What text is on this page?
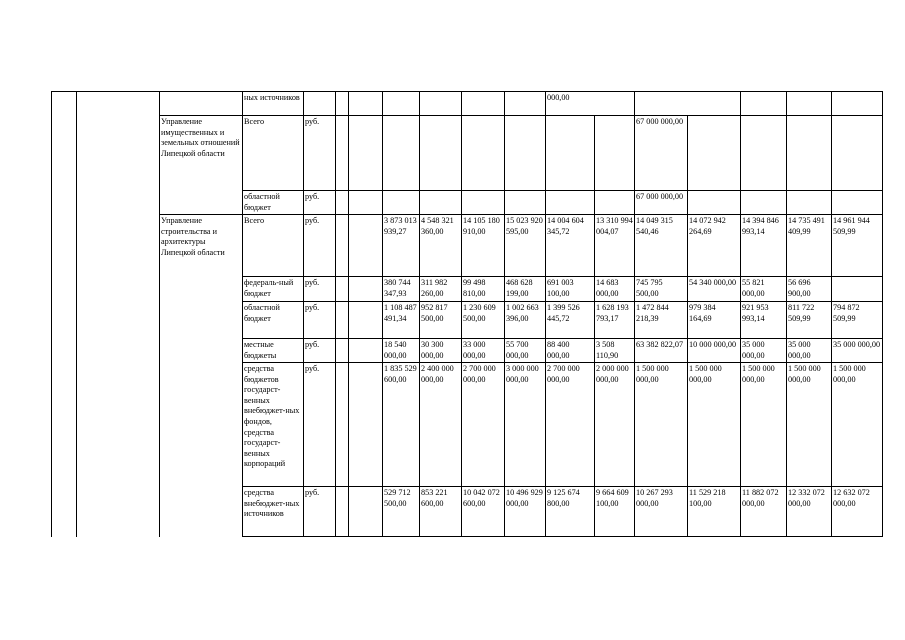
			ных источников								000,00							
		Управление имущественных и земельных отношений Липецкой области	Всего	руб.									67 000 000,00					
			областной бюджет	руб.									67 000 000,00					
		Управление строительства и архитектуры Липецкой области	Всего	руб.			3 873 013 939,27	4 548 321 360,00	14 105 180 910,00	15 023 920 595,00	14 004 604 345,72	13 310 994 004,07	14 049 315 540,46	14 072 942 264,69	14 394 846 993,14	14 735 491 409,99	14 961 944 509,99	
			федераль-ный бюджет	руб.			380 744 347,93	311 982 260,00	99 498 810,00	468 628 199,00	691 003 100,00	14 683 000,00	745 795 500,00	54 340 000,00	55 821 000,00	56 696 900,00		
			областной бюджет	руб.			1 108 487 491,34	952 817 500,00	1 230 609 500,00	1 002 663 396,00	1 399 526 445,72	1 628 193 793,17	1 472 844 218,39	979 384 164,69	921 953 993,14	811 722 509,99	794 872 509,99	
			местные бюджеты	руб.			18 540 000,00	30 300 000,00	33 000 000,00	55 700 000,00	88 400 000,00	3 508 110,90	63 382 822,07	10 000 000,00	35 000 000,00	35 000 000,00	35 000 000,00	
			средства бюджетов государст-венных внебюджет-ных фондов, средства государст-венных корпораций	руб.			1 835 529 600,00	2 400 000 000,00	2 700 000 000,00	3 000 000 000,00	2 700 000 000,00	2 000 000 000,00	1 500 000 000,00	1 500 000 000,00	1 500 000 000,00	1 500 000 000,00	1 500 000 000,00	
			средства внебюджет-ных источников	руб.			529 712 500,00	853 221 600,00	10 042 072 600,00	10 496 929 000,00	9 125 674 800,00	9 664 609 100,00	10 267 293 000,00	11 529 218 100,00	11 882 072 000,00	12 332 072 000,00	12 632 072 000,00	
